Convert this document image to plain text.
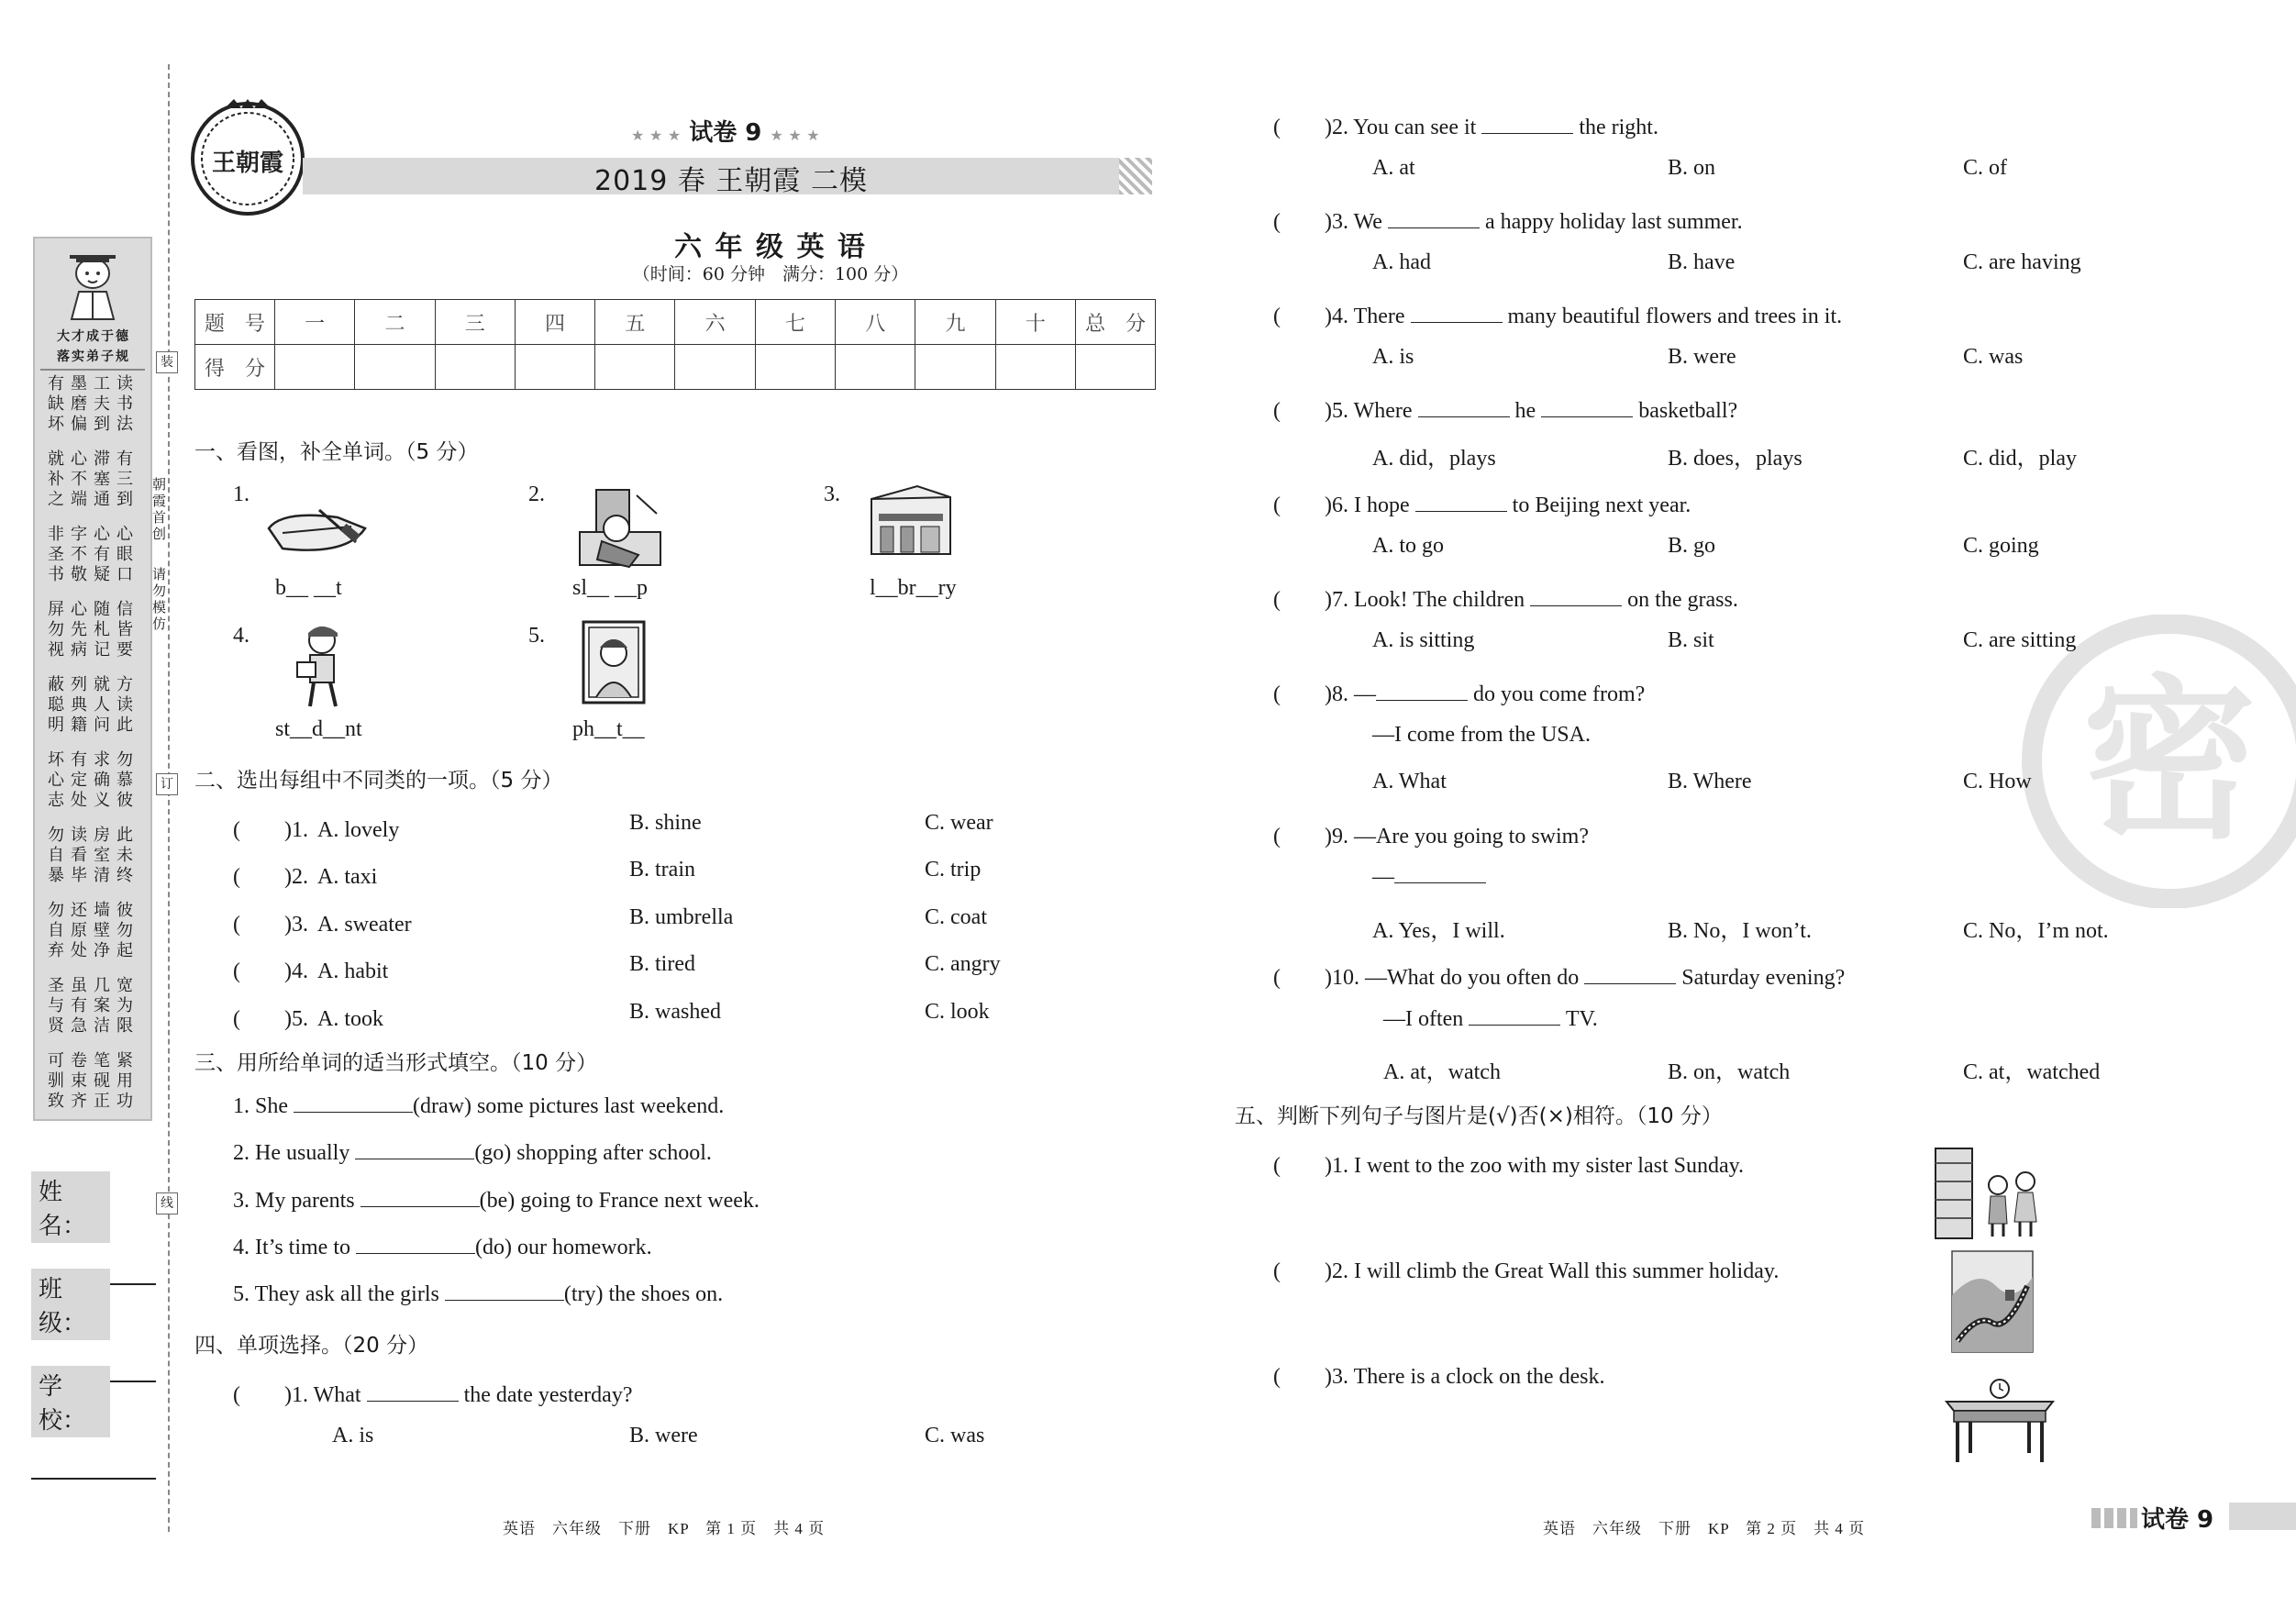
大才成于德
落实弟子规
有墨工读
缺磨夫书
坏偏到法
就心滞有
补不塞三
之端通到
非字心心
圣不有眼
书敬疑口
屏心随信
勿先札皆
视病记要
蔽列就方
聪典人读
明籍问此
坏有求勿
心定确慕
志处义彼
勿读房此
自看室未
暴毕清终
勿还墙彼
自原壁勿
弃处净起
圣虽几宽
与有案为
贤急洁限
可卷笔紧
驯束砚用
致齐正功
朝霞首创
请勿模仿
装
订
线
姓 名：
班 级：
学 校：
王朝霞
★ ★ ★ 试卷 9 ★ ★ ★
2019 春 王朝霞 二模
六 年 级 英 语
（时间：60 分钟　满分：100 分）
题　号	一	二	三	四	五	六	七	八	九	十	总　分
得　分											
一、看图，补全单词。（5 分）
1.
b__ __t
2.
sl__ __p
3.
l__br__ry
4.
st__d__nt
5.
ph__t__
二、选出每组中不同类的一项。（5 分）
(　　)1. A. lovely	B. shine	C. wear
(　　)2. A. taxi	B. train	C. trip
(　　)3. A. sweater	B. umbrella	C. coat
(　　)4. A. habit	B. tired	C. angry
(　　)5. A. took	B. washed	C. look
三、用所给单词的适当形式填空。（10 分）
1. She	(draw) some pictures last weekend.
2. He usually	(go) shopping after school.
3. My parents	(be) going to France next week.
4. It’s time to	(do) our homework.
5. They ask all the girls	(try) the shoes on.
四、单项选择。（20 分）
(　　)1. What	the date yesterday?
A. is	B. were	C. was
英语　六年级　下册　KP　第 1 页　共 4 页
密
(　　)2. You can see it	the right.
A. at	B. on	C. of
(　　)3. We	a happy holiday last summer.
A. had	B. have	C. are having
(　　)4. There	many beautiful flowers and trees in it.
A. is	B. were	C. was
(　　)5. Where	he	basketball?
A. did，plays	B. does，plays	C. did，play
(　　)6. I hope	to Beijing next year.
A. to go	B. go	C. going
(　　)7. Look! The children	on the grass.
A. is sitting	B. sit	C. are sitting
(　　)8. —	do you come from?
—I come from the USA.
A. What	B. Where	C. How
(　　)9. —Are you going to swim?
—
A. Yes，I will.	B. No，I won’t.	C. No，I’m not.
(　　)10. —What do you often do	Saturday evening?
—I often	TV.
A. at，watch	B. on，watch	C. at，watched
五、判断下列句子与图片是(√)否(×)相符。（10 分）
(　　)1. I went to the zoo with my sister last Sunday.
(　　)2. I will climb the Great Wall this summer holiday.
(　　)3. There is a clock on the desk.
英语　六年级　下册　KP　第 2 页　共 4 页	试卷 9
